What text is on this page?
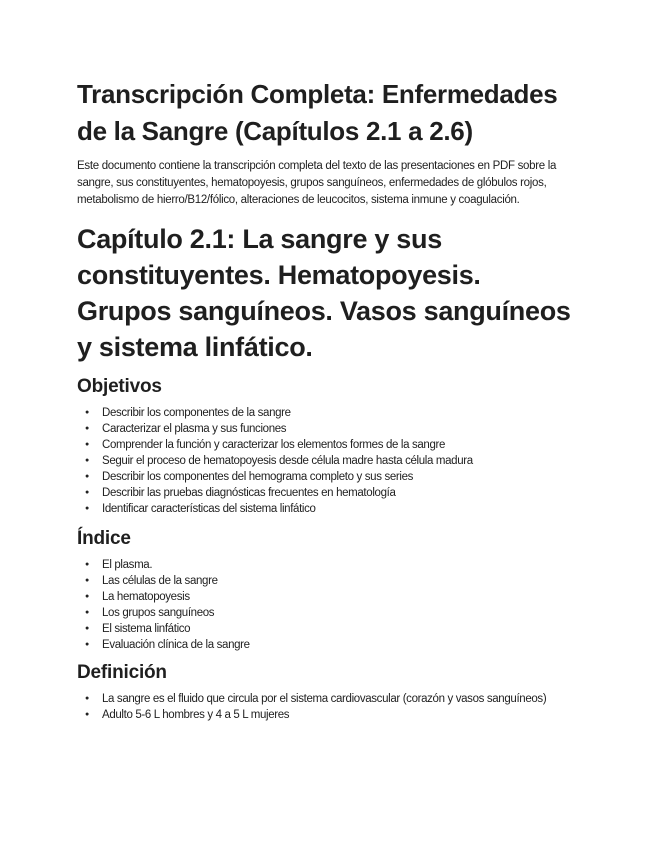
Transcripción Completa: Enfermedades de la Sangre (Capítulos 2.1 a 2.6)

Este documento contiene la transcripción completa del texto de las presentaciones en PDF sobre la sangre, sus constituyentes, hematopoyesis, grupos sanguíneos, enfermedades de glóbulos rojos, metabolismo de hierro/B12/fólico, alteraciones de leucocitos, sistema inmune y coagulación.

Capítulo 2.1: La sangre y sus constituyentes. Hematopoyesis. Grupos sanguíneos. Vasos sanguíneos y sistema linfático.
Objetivos
● Describir los componentes de la sangre
● Caracterizar el plasma y sus funciones
● Comprender la función y caracterizar los elementos formes de la sangre
● Seguir el proceso de hematopoyesis desde célula madre hasta célula madura
● Describir los componentes del hemograma completo y sus series
● Describir las pruebas diagnósticas frecuentes en hematología
● Identificar características del sistema linfático
Índice
● El plasma.
● Las células de la sangre
● La hematopoyesis
● Los grupos sanguíneos
● El sistema linfático
● Evaluación clínica de la sangre
Definición
● La sangre es el fluido que circula por el sistema cardiovascular (corazón y vasos sanguíneos)
● Adulto 5-6 L hombres y 4 a 5 L mujeres
